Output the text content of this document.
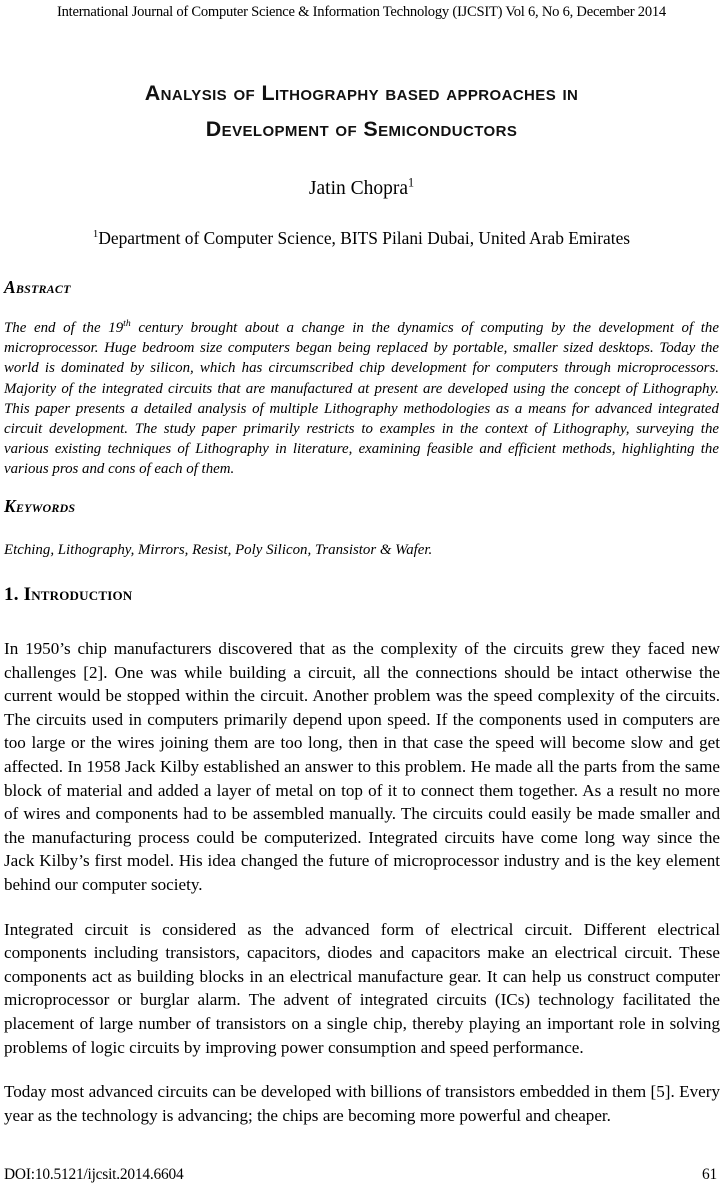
International Journal of Computer Science & Information Technology (IJCSIT) Vol 6, No 6, December 2014
Analysis of Lithography based approaches in
Development of Semiconductors
Jatin Chopra$^1$
$^1$Department of Computer Science, BITS Pilani Dubai, United Arab Emirates
Abstract

The end of the 19th century brought about a change in the dynamics of computing by the development of the microprocessor. Huge bedroom size computers began being replaced by portable, smaller sized desktops. Today the world is dominated by silicon, which has circumscribed chip development for computers through microprocessors. Majority of the integrated circuits that are manufactured at present are developed using the concept of Lithography. This paper presents a detailed analysis of multiple Lithography methodologies as a means for advanced integrated circuit development. The study paper primarily restricts to examples in the context of Lithography, surveying the various existing techniques of Lithography in literature, examining feasible and efficient methods, highlighting the various pros and cons of each of them.

Keywords

Etching, Lithography, Mirrors, Resist, Poly Silicon, Transistor & Wafer.

1. Introduction

In 1950’s chip manufacturers discovered that as the complexity of the circuits grew they faced new challenges [2]. One was while building a circuit, all the connections should be intact otherwise the current would be stopped within the circuit. Another problem was the speed complexity of the circuits. The circuits used in computers primarily depend upon speed. If the components used in computers are too large or the wires joining them are too long, then in that case the speed will become slow and get affected. In 1958 Jack Kilby established an answer to this problem. He made all the parts from the same block of material and added a layer of metal on top of it to connect them together. As a result no more of wires and components had to be assembled manually. The circuits could easily be made smaller and the manufacturing process could be computerized. Integrated circuits have come long way since the Jack Kilby’s first model. His idea changed the future of microprocessor industry and is the key element behind our computer society.

Integrated circuit is considered as the advanced form of electrical circuit. Different electrical components including transistors, capacitors, diodes and capacitors make an electrical circuit. These components act as building blocks in an electrical manufacture gear. It can help us construct computer microprocessor or burglar alarm. The advent of integrated circuits (ICs) technology facilitated the placement of large number of transistors on a single chip, thereby playing an important role in solving problems of logic circuits by improving power consumption and speed performance.

Today most advanced circuits can be developed with billions of transistors embedded in them [5]. Every year as the technology is advancing; the chips are becoming more powerful and cheaper.

DOI:10.5121/ijcsit.2014.6604	61
